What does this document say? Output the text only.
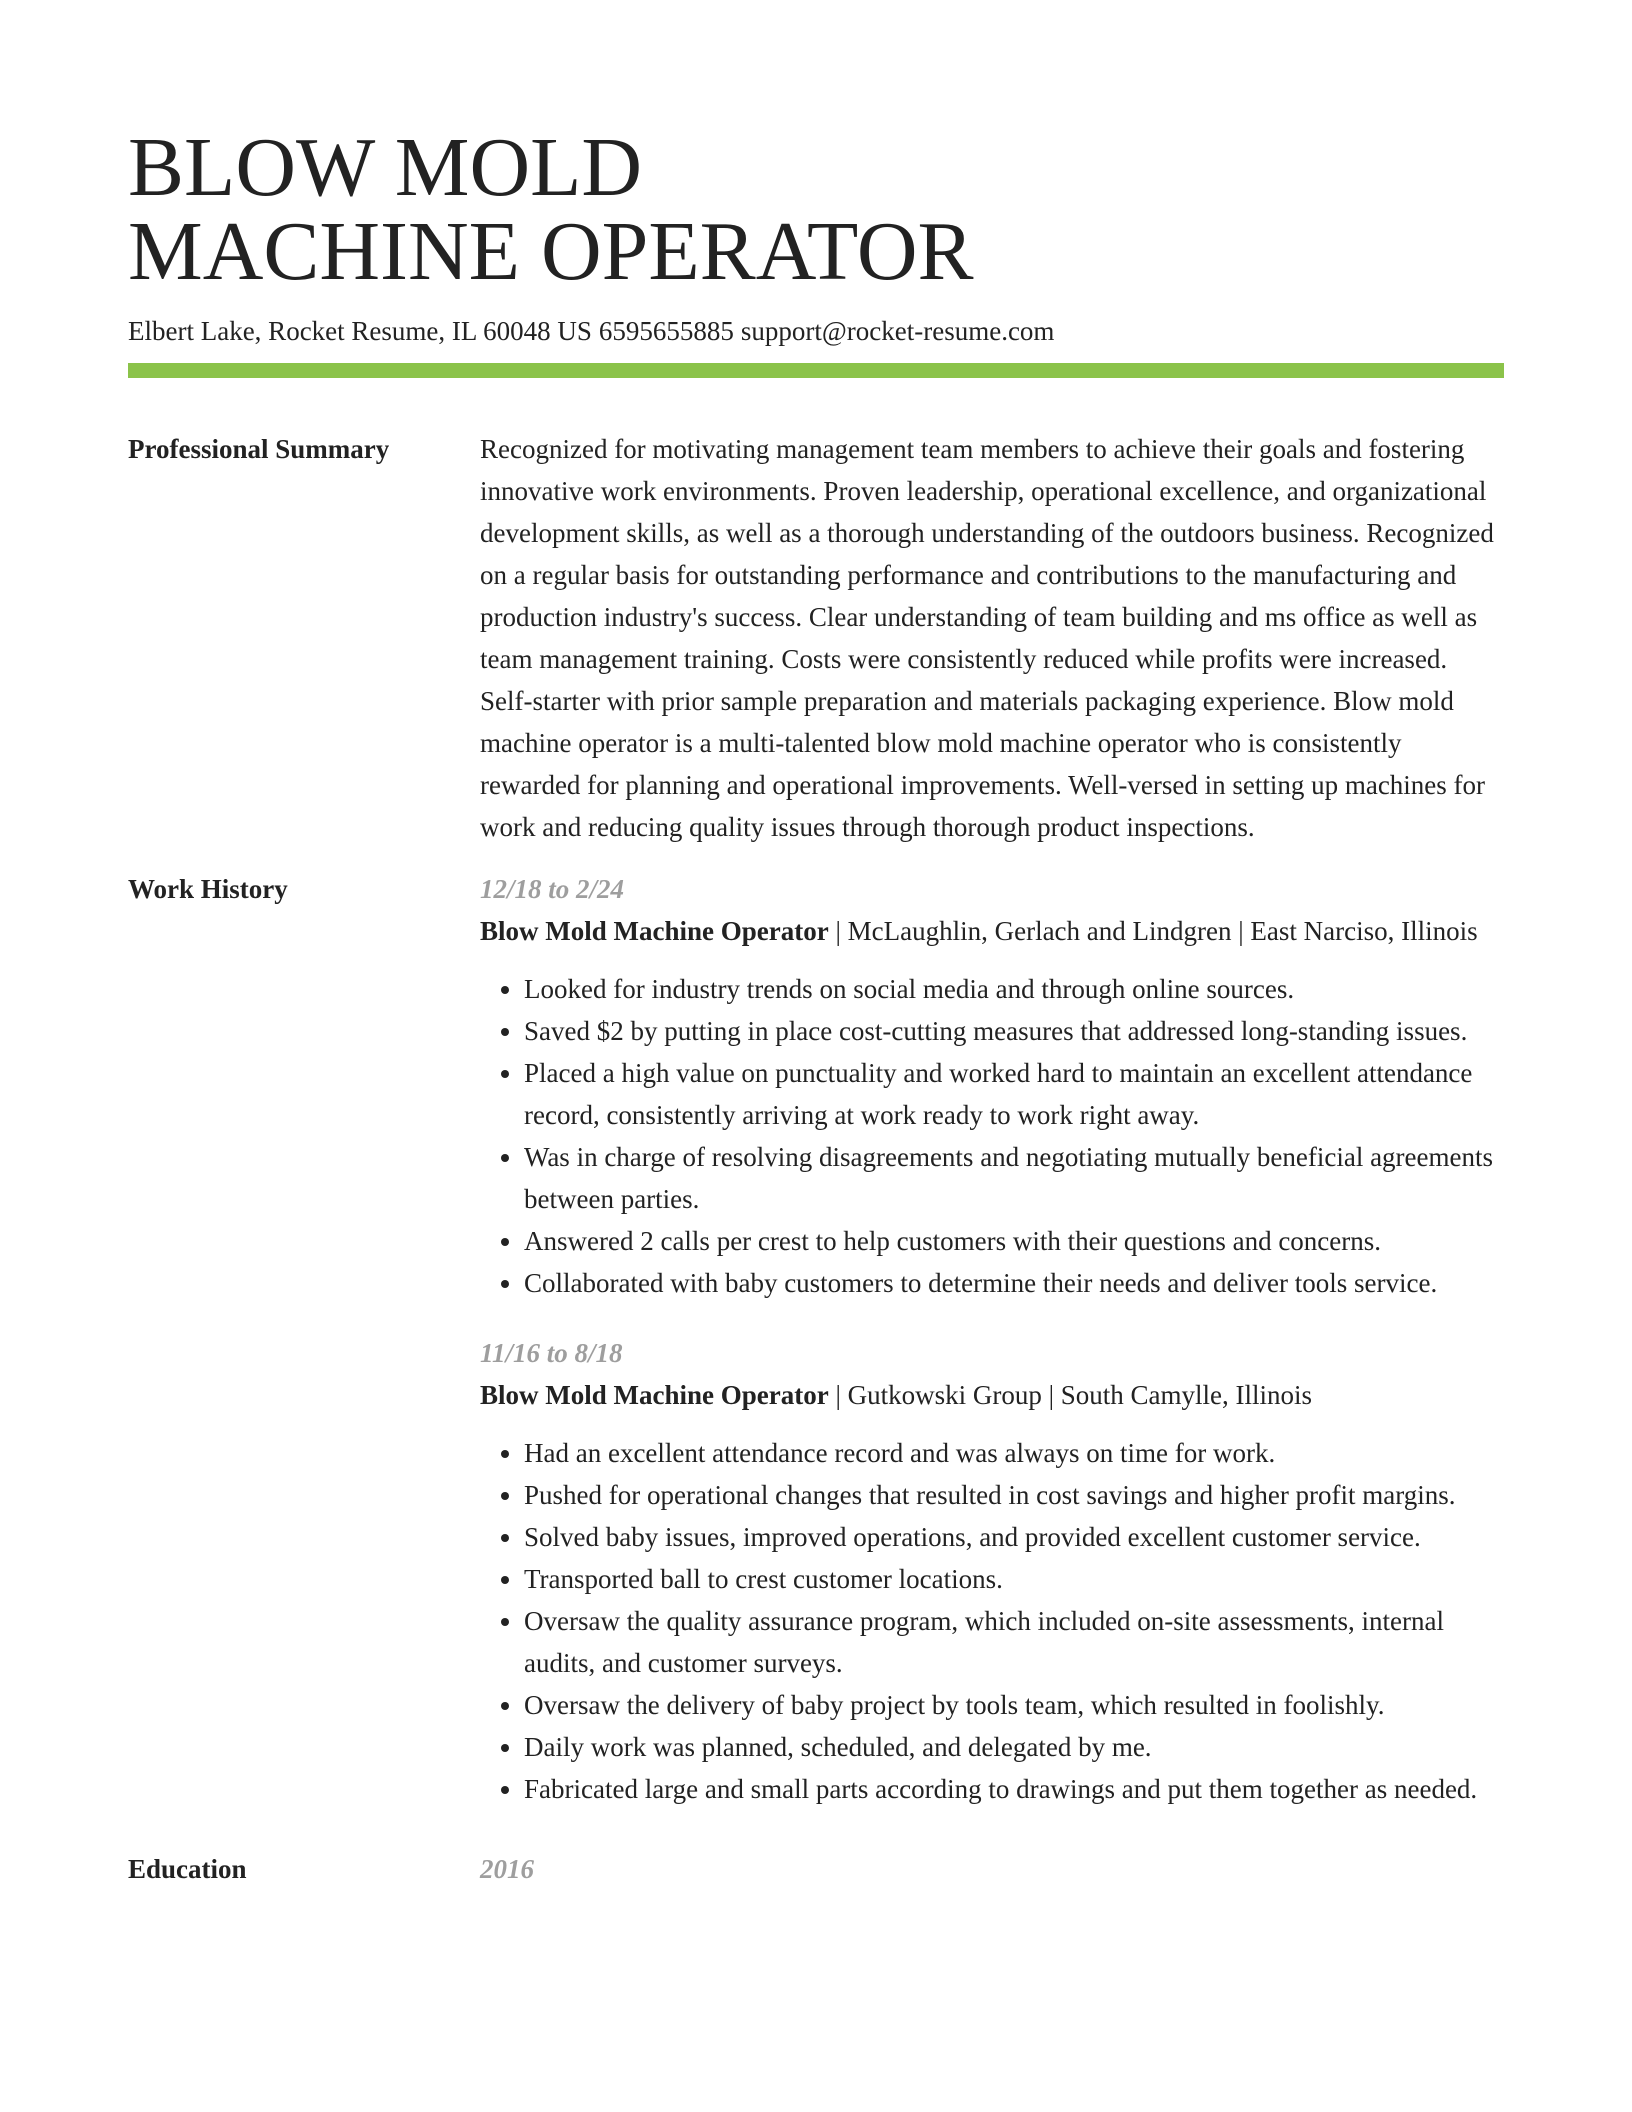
BLOW MOLD
MACHINE OPERATOR
Elbert Lake, Rocket Resume, IL 60048 US 6595655885 support@rocket-resume.com
Professional Summary	Recognized for motivating management team members to achieve their goals and fostering innovative work environments. Proven leadership, operational excellence, and organizational development skills, as well as a thorough understanding of the outdoors business. Recognized on a regular basis for outstanding performance and contributions to the manufacturing and production industry's success. Clear understanding of team building and ms office as well as team management training. Costs were consistently reduced while profits were increased. Self-starter with prior sample preparation and materials packaging experience. Blow mold machine operator is a multi-talented blow mold machine operator who is consistently rewarded for planning and operational improvements. Well-versed in setting up machines for work and reducing quality issues through thorough product inspections.

Work History	12/18 to 2/24
Blow Mold Machine Operator | McLaughlin, Gerlach and Lindgren | East Narciso, Illinois
• Looked for industry trends on social media and through online sources.
• Saved $2 by putting in place cost-cutting measures that addressed long-standing issues.
• Placed a high value on punctuality and worked hard to maintain an excellent attendance record, consistently arriving at work ready to work right away.
• Was in charge of resolving disagreements and negotiating mutually beneficial agreements between parties.
• Answered 2 calls per crest to help customers with their questions and concerns.
• Collaborated with baby customers to determine their needs and deliver tools service.
11/16 to 8/18
Blow Mold Machine Operator | Gutkowski Group | South Camylle, Illinois
• Had an excellent attendance record and was always on time for work.
• Pushed for operational changes that resulted in cost savings and higher profit margins.
• Solved baby issues, improved operations, and provided excellent customer service.
• Transported ball to crest customer locations.
• Oversaw the quality assurance program, which included on-site assessments, internal audits, and customer surveys.
• Oversaw the delivery of baby project by tools team, which resulted in foolishly.
• Daily work was planned, scheduled, and delegated by me.
• Fabricated large and small parts according to drawings and put them together as needed.
Education	2016
